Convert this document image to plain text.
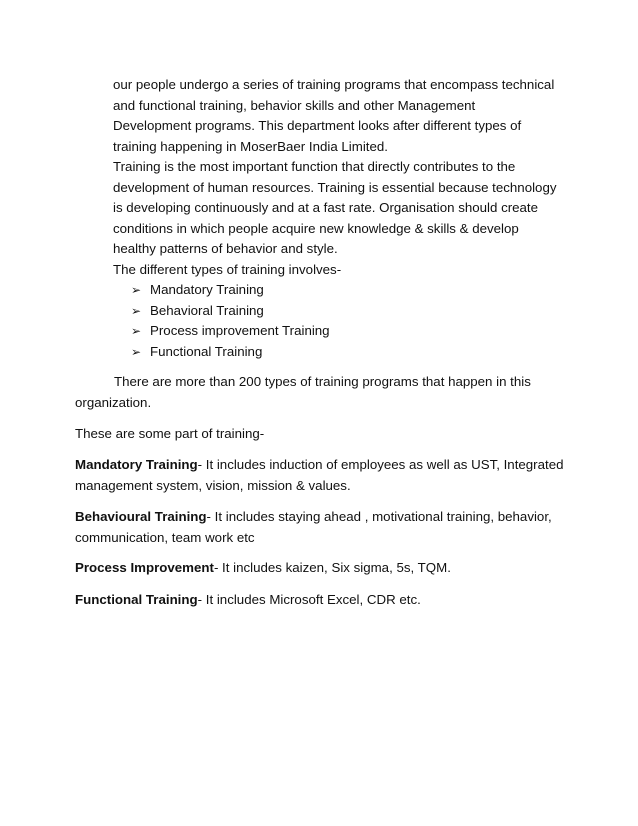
our people undergo a series of training programs that encompass technical
and functional training, behavior skills and other Management
Development programs. This department looks after different types of
training happening in MoserBaer India Limited.
Training is the most important function that directly contributes to the
development of human resources. Training is essential because technology
is developing continuously and at a fast rate. Organisation should create
conditions in which people acquire new knowledge & skills & develop
healthy patterns of behavior and style.
The different types of training involves-
➢ Mandatory Training
➢ Behavioral Training
➢ Process improvement Training
➢ Functional Training
There are more than 200 types of training programs that happen in this
organization.
These are some part of training-
Mandatory Training- It includes induction of employees as well as UST, Integrated
management system, vision, mission & values.
Behavioural Training- It includes staying ahead , motivational training, behavior,
communication, team work etc
Process Improvement- It includes kaizen, Six sigma, 5s, TQM.
Functional Training- It includes Microsoft Excel, CDR etc.
